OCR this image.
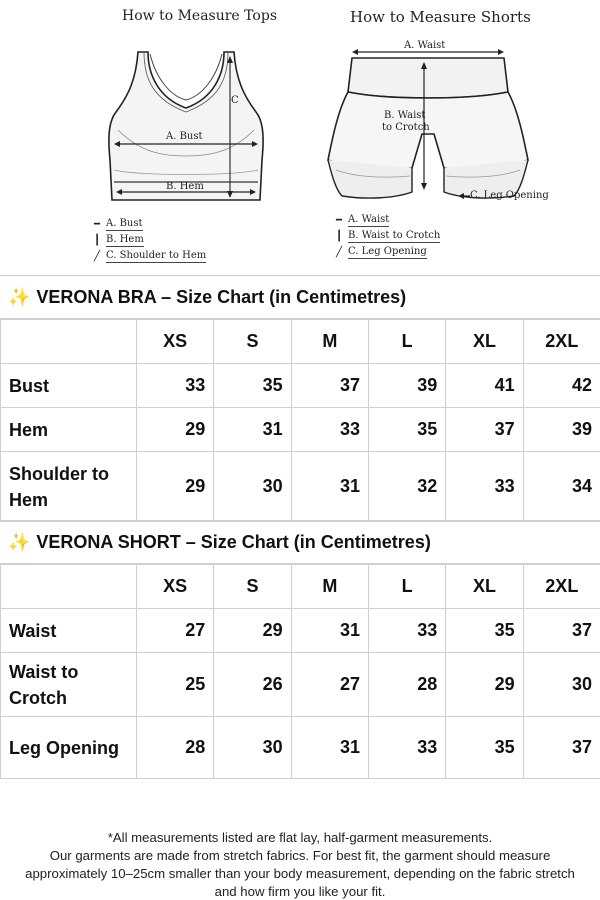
How to Measure Tops
A. Bust
B. Hem
C
━ A. Bust
┃ B. Hem
╱ C. Shoulder to Hem
How to Measure Shorts
A. Waist
B. Waist
to Crotch
C. Leg Opening
━ A. Waist
┃ B. Waist to Crotch
╱ C. Leg Opening
✨ VERONA BRA – Size Chart (in Centimetres)
	XS	S	M	L	XL	2XL
Bust	33	35	37	39	41	42
Hem	29	31	33	35	37	39
Shoulder to Hem	29	30	31	32	33	34
✨ VERONA SHORT – Size Chart (in Centimetres)
	XS	S	M	L	XL	2XL
Waist	27	29	31	33	35	37
Waist to Crotch	25	26	27	28	29	30
Leg Opening	28	30	31	33	35	37
*All measurements listed are flat lay, half-garment measurements.
Our garments are made from stretch fabrics. For best fit, the garment should measure approximately 10–25cm smaller than your body measurement, depending on the fabric stretch and how firm you like your fit.
